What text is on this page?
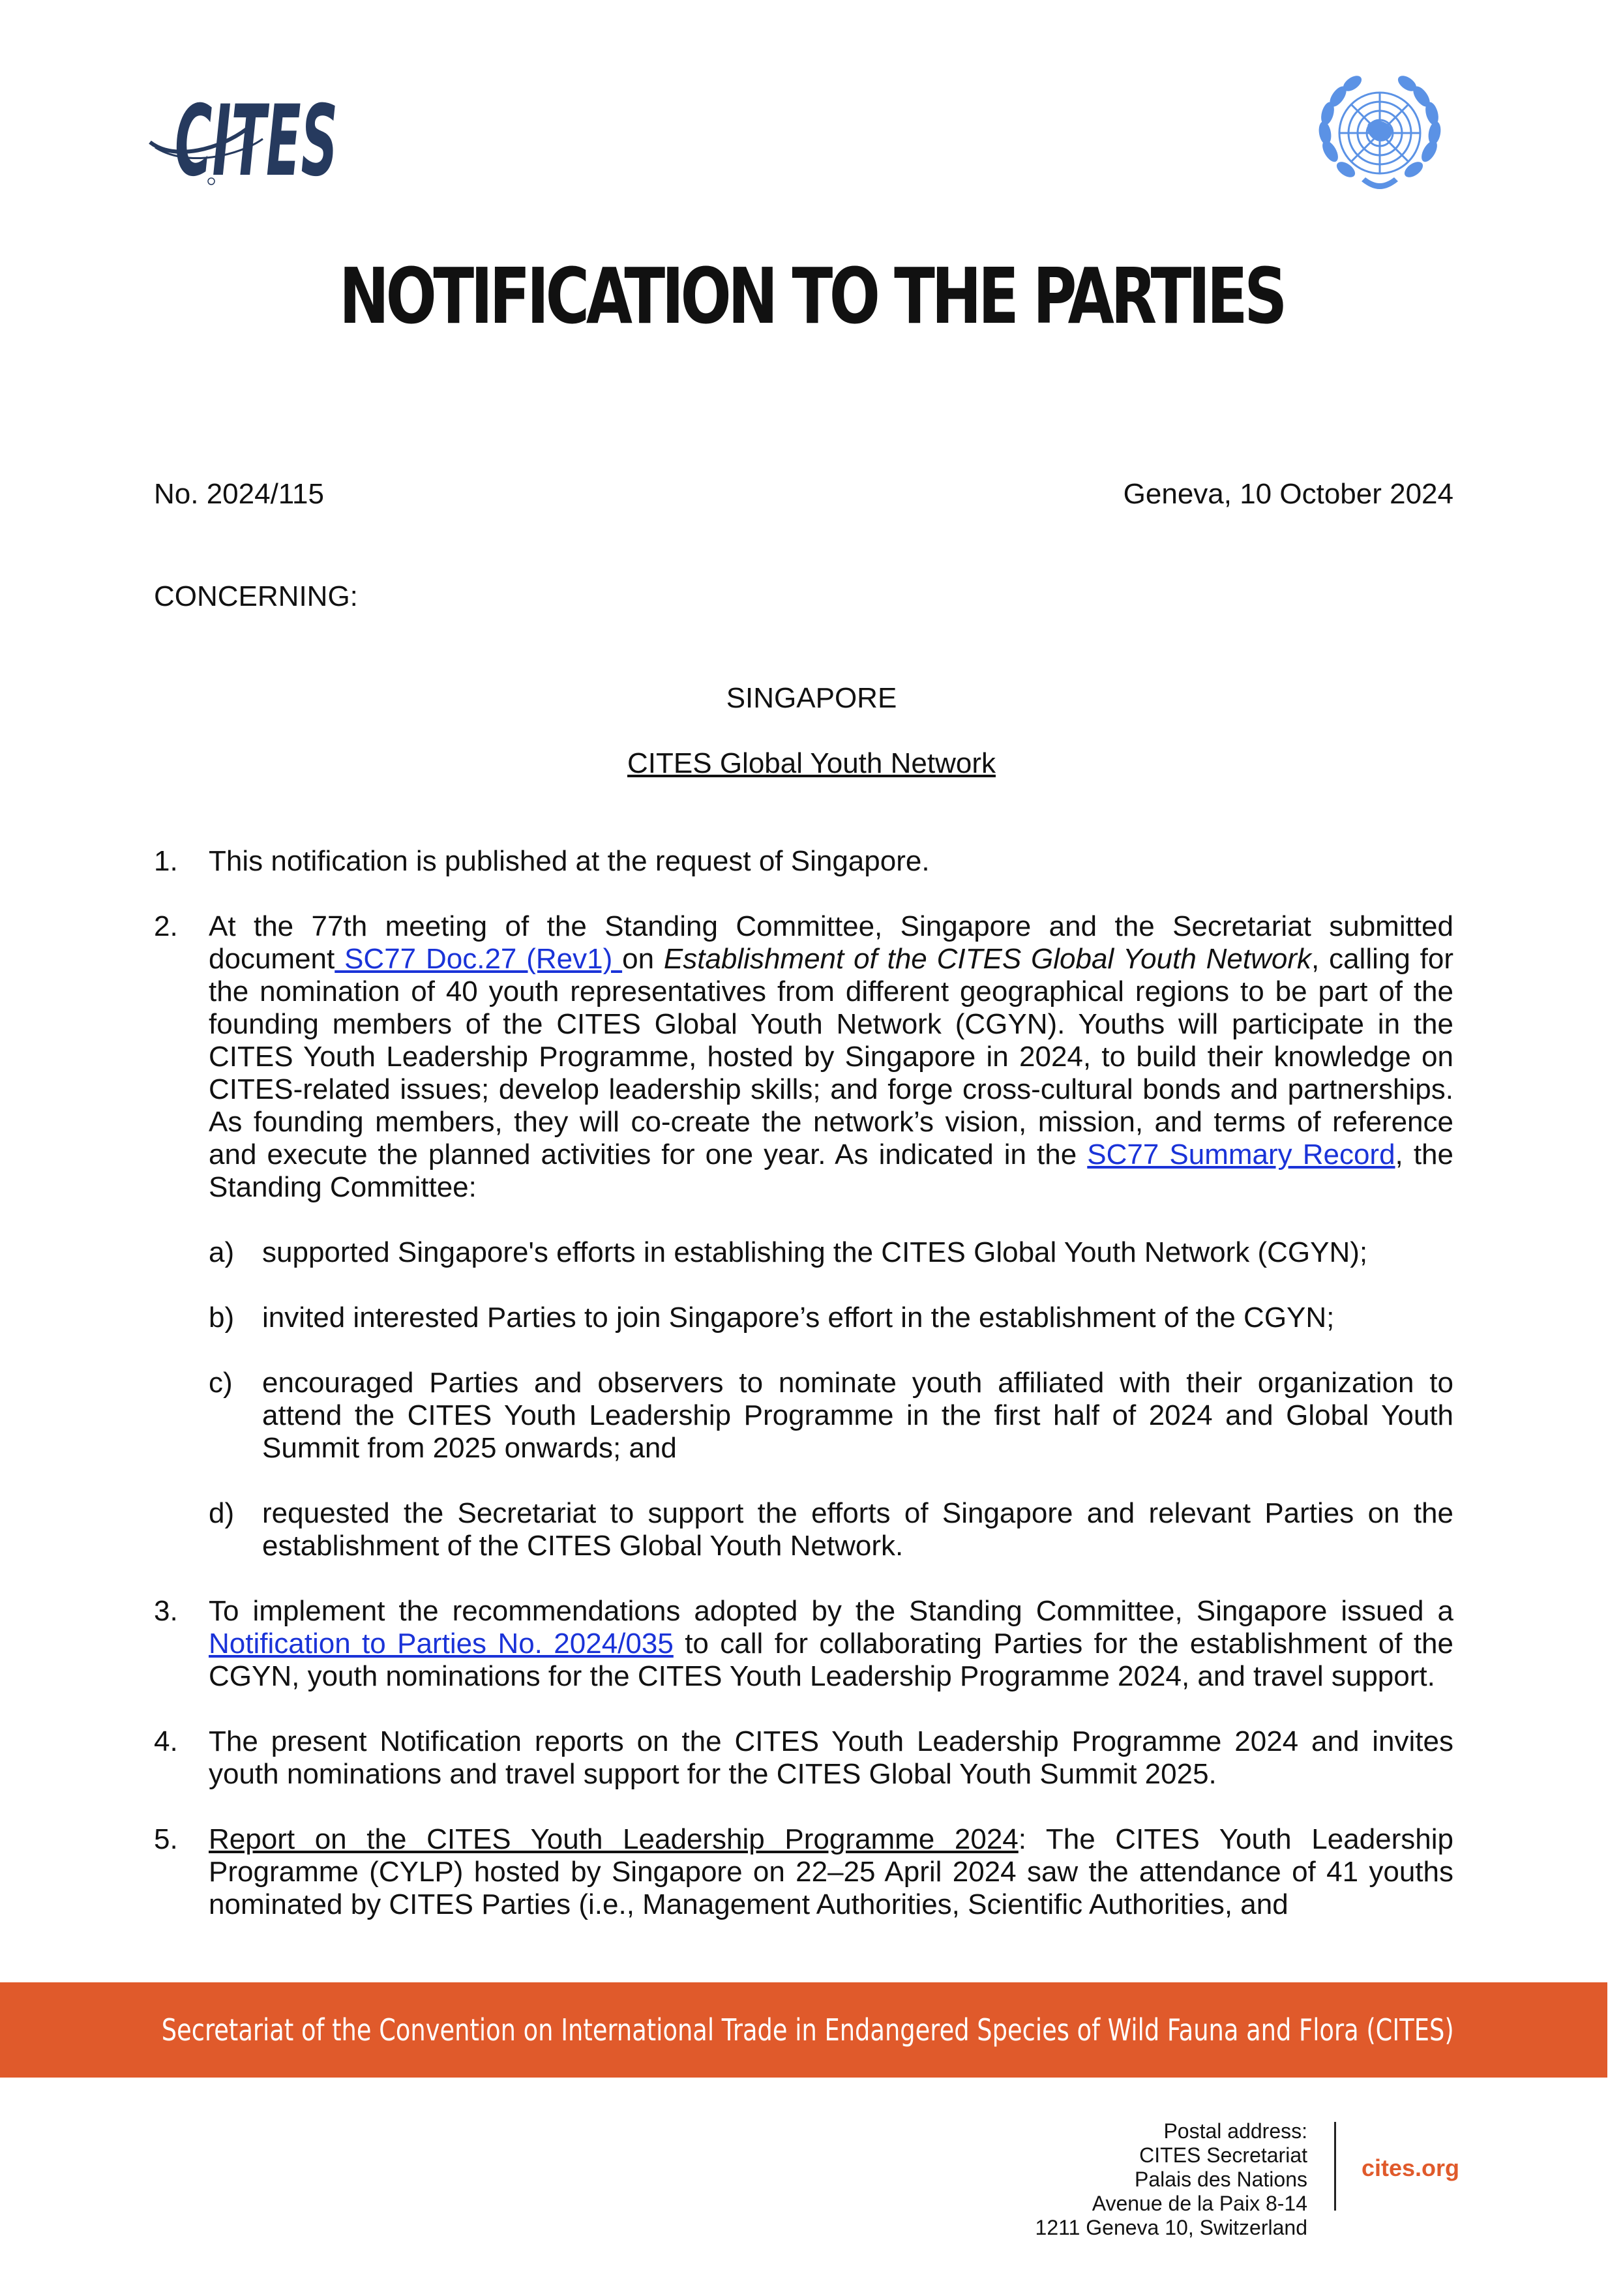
CITES
NOTIFICATION TO THE PARTIES
No. 2024/115	Geneva, 10 October 2024
CONCERNING:
SINGAPORE
CITES Global Youth Network
1. This notification is published at the request of Singapore.
2. At the 77th meeting of the Standing Committee, Singapore and the Secretariat submitted document SC77 Doc.27 (Rev1) on Establishment of the CITES Global Youth Network, calling for the nomination of 40 youth representatives from different geographical regions to be part of the founding members of the CITES Global Youth Network (CGYN). Youths will participate in the CITES Youth Leadership Programme, hosted by Singapore in 2024, to build their knowledge on CITES-related issues; develop leadership skills; and forge cross-cultural bonds and partnerships. As founding members, they will co-create the network’s vision, mission, and terms of reference and execute the planned activities for one year. As indicated in the SC77 Summary Record, the Standing Committee:
a) supported Singapore's efforts in establishing the CITES Global Youth Network (CGYN);
b) invited interested Parties to join Singapore’s effort in the establishment of the CGYN;
c) encouraged Parties and observers to nominate youth affiliated with their organization to attend the CITES Youth Leadership Programme in the first half of 2024 and Global Youth Summit from 2025 onwards; and
d) requested the Secretariat to support the efforts of Singapore and relevant Parties on the establishment of the CITES Global Youth Network.
3. To implement the recommendations adopted by the Standing Committee, Singapore issued a Notification to Parties No. 2024/035 to call for collaborating Parties for the establishment of the CGYN, youth nominations for the CITES Youth Leadership Programme 2024, and travel support.
4. The present Notification reports on the CITES Youth Leadership Programme 2024 and invites youth nominations and travel support for the CITES Global Youth Summit 2025.
5. Report on the CITES Youth Leadership Programme 2024: The CITES Youth Leadership Programme (CYLP) hosted by Singapore on 22–25 April 2024 saw the attendance of 41 youths nominated by CITES Parties (i.e., Management Authorities, Scientific Authorities, and
Secretariat of the Convention on International Trade in Endangered Species of Wild Fauna and Flora (CITES)
Postal address:
CITES Secretariat
Palais des Nations
Avenue de la Paix 8-14
1211 Geneva 10, Switzerland
cites.org
